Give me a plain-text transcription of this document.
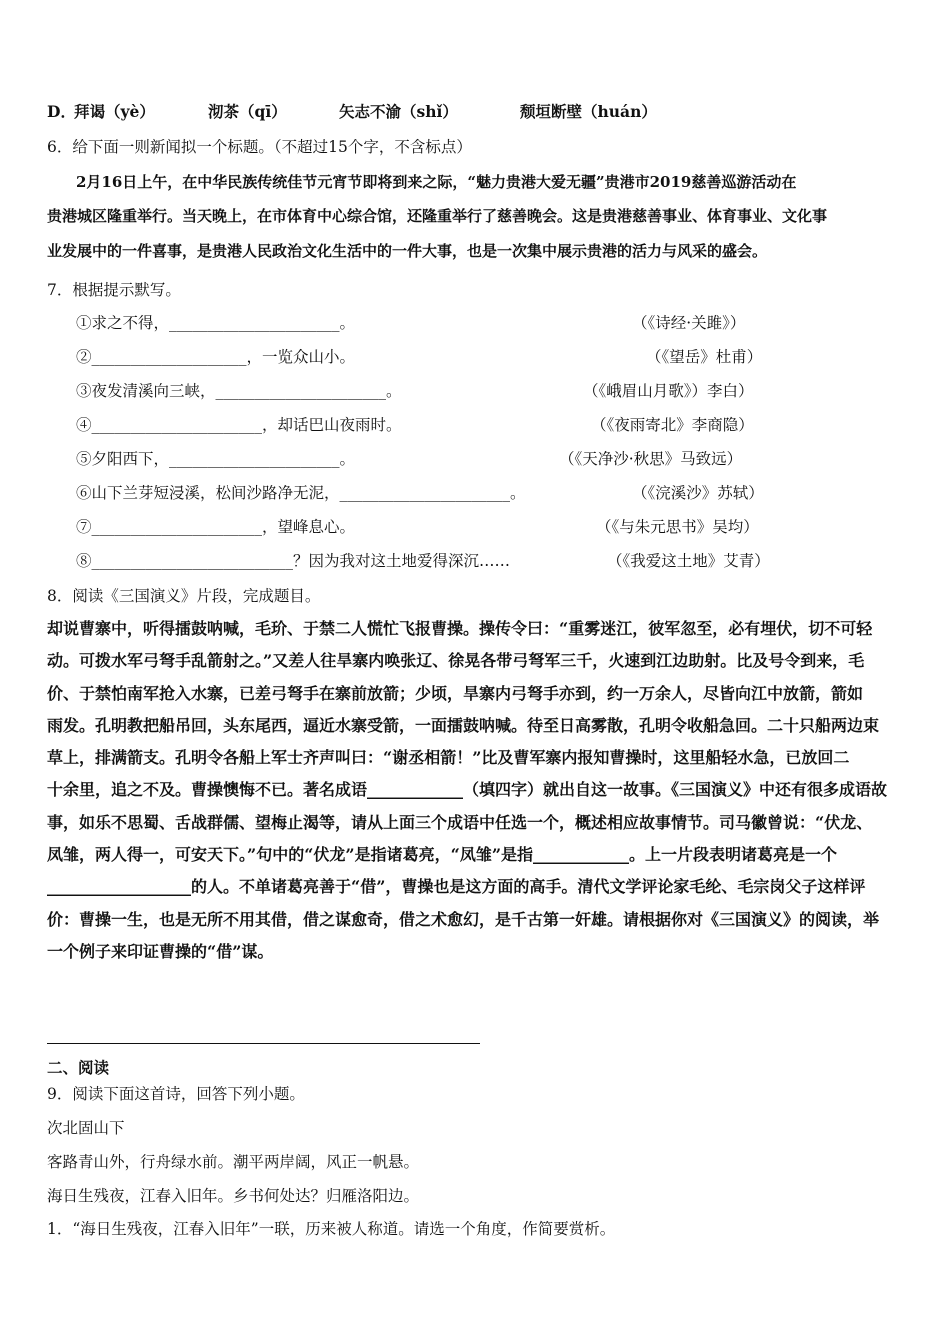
D．
拜谒（yè）	沏茶（qī）	矢志不渝（shǐ）	颓垣断壁（huán）
6．给下面一则新闻拟一个标题。（不超过15个字，不含标点）
2月16日上午，在中华民族传统佳节元宵节即将到来之际，“魅力贵港大爱无疆”贵港市2019慈善巡游活动在
贵港城区隆重举行。当天晚上，在市体育中心综合馆，还隆重举行了慈善晚会。这是贵港慈善事业、体育事业、文化事
业发展中的一件喜事，是贵港人民政治文化生活中的一件大事，也是一次集中展示贵港的活力与风采的盛会。
7．根据提示默写。
①求之不得，______________________。	（《诗经·关雎》）
②____________________，一览众山小。	（《望岳》杜甫）
③夜发清溪向三峡，______________________。	（《峨眉山月歌》）李白）
④______________________，却话巴山夜雨时。	（《夜雨寄北》李商隐）
⑤夕阳西下，______________________。	（《天净沙·秋思》马致远）
⑥山下兰芽短浸溪，松间沙路净无泥，______________________。	（《浣溪沙》苏轼）
⑦______________________，望峰息心。	（《与朱元思书》吴均）
⑧__________________________？因为我对这土地爱得深沉……	（《我爱这土地》艾青）
8．阅读《三国演义》片段，完成题目。
却说曹寨中，听得擂鼓呐喊，毛玠、于禁二人慌忙飞报曹操。操传令曰：“重雾迷江，彼军忽至，必有埋伏，切不可轻
动。可拨水军弓弩手乱箭射之。”又差人往旱寨内唤张辽、徐晃各带弓弩军三千，火速到江边助射。比及号令到来，毛
价、于禁怕南军抢入水寨，已差弓弩手在寨前放箭；少顷，旱寨内弓弩手亦到，约一万余人，尽皆向江中放箭，箭如
雨发。孔明教把船吊回，头东尾西，逼近水寨受箭，一面擂鼓呐喊。待至日高雾散，孔明令收船急回。二十只船两边束
草上，排满箭支。孔明令各船上军士齐声叫曰：“谢丞相箭！”比及曹军寨内报知曹操时，这里船轻水急，已放回二
十余里，追之不及。曹操懊悔不已。著名成语____________（填四字）就出自这一故事。《三国演义》中还有很多成语故
事，如乐不思蜀、舌战群儒、望梅止渴等，请从上面三个成语中任选一个，概述相应故事情节。司马徽曾说：“伏龙、
凤雏，两人得一，可安天下。”句中的“伏龙”是指诸葛亮，“凤雏”是指____________。上一片段表明诸葛亮是一个
__________________的人。不单诸葛亮善于“借”，曹操也是这方面的高手。清代文学评论家毛纶、毛宗岗父子这样评
价：曹操一生，也是无所不用其借，借之谋愈奇，借之术愈幻，是千古第一奸雄。请根据你对《三国演义》的阅读，举
一个例子来印证曹操的“借”谋。
二、阅读
9．阅读下面这首诗，回答下列小题。
次北固山下
客路青山外，行舟绿水前。潮平两岸阔，风正一帆悬。
海日生残夜，江春入旧年。乡书何处达？归雁洛阳边。
1．“海日生残夜，江春入旧年”一联，历来被人称道。请选一个角度，作简要赏析。
